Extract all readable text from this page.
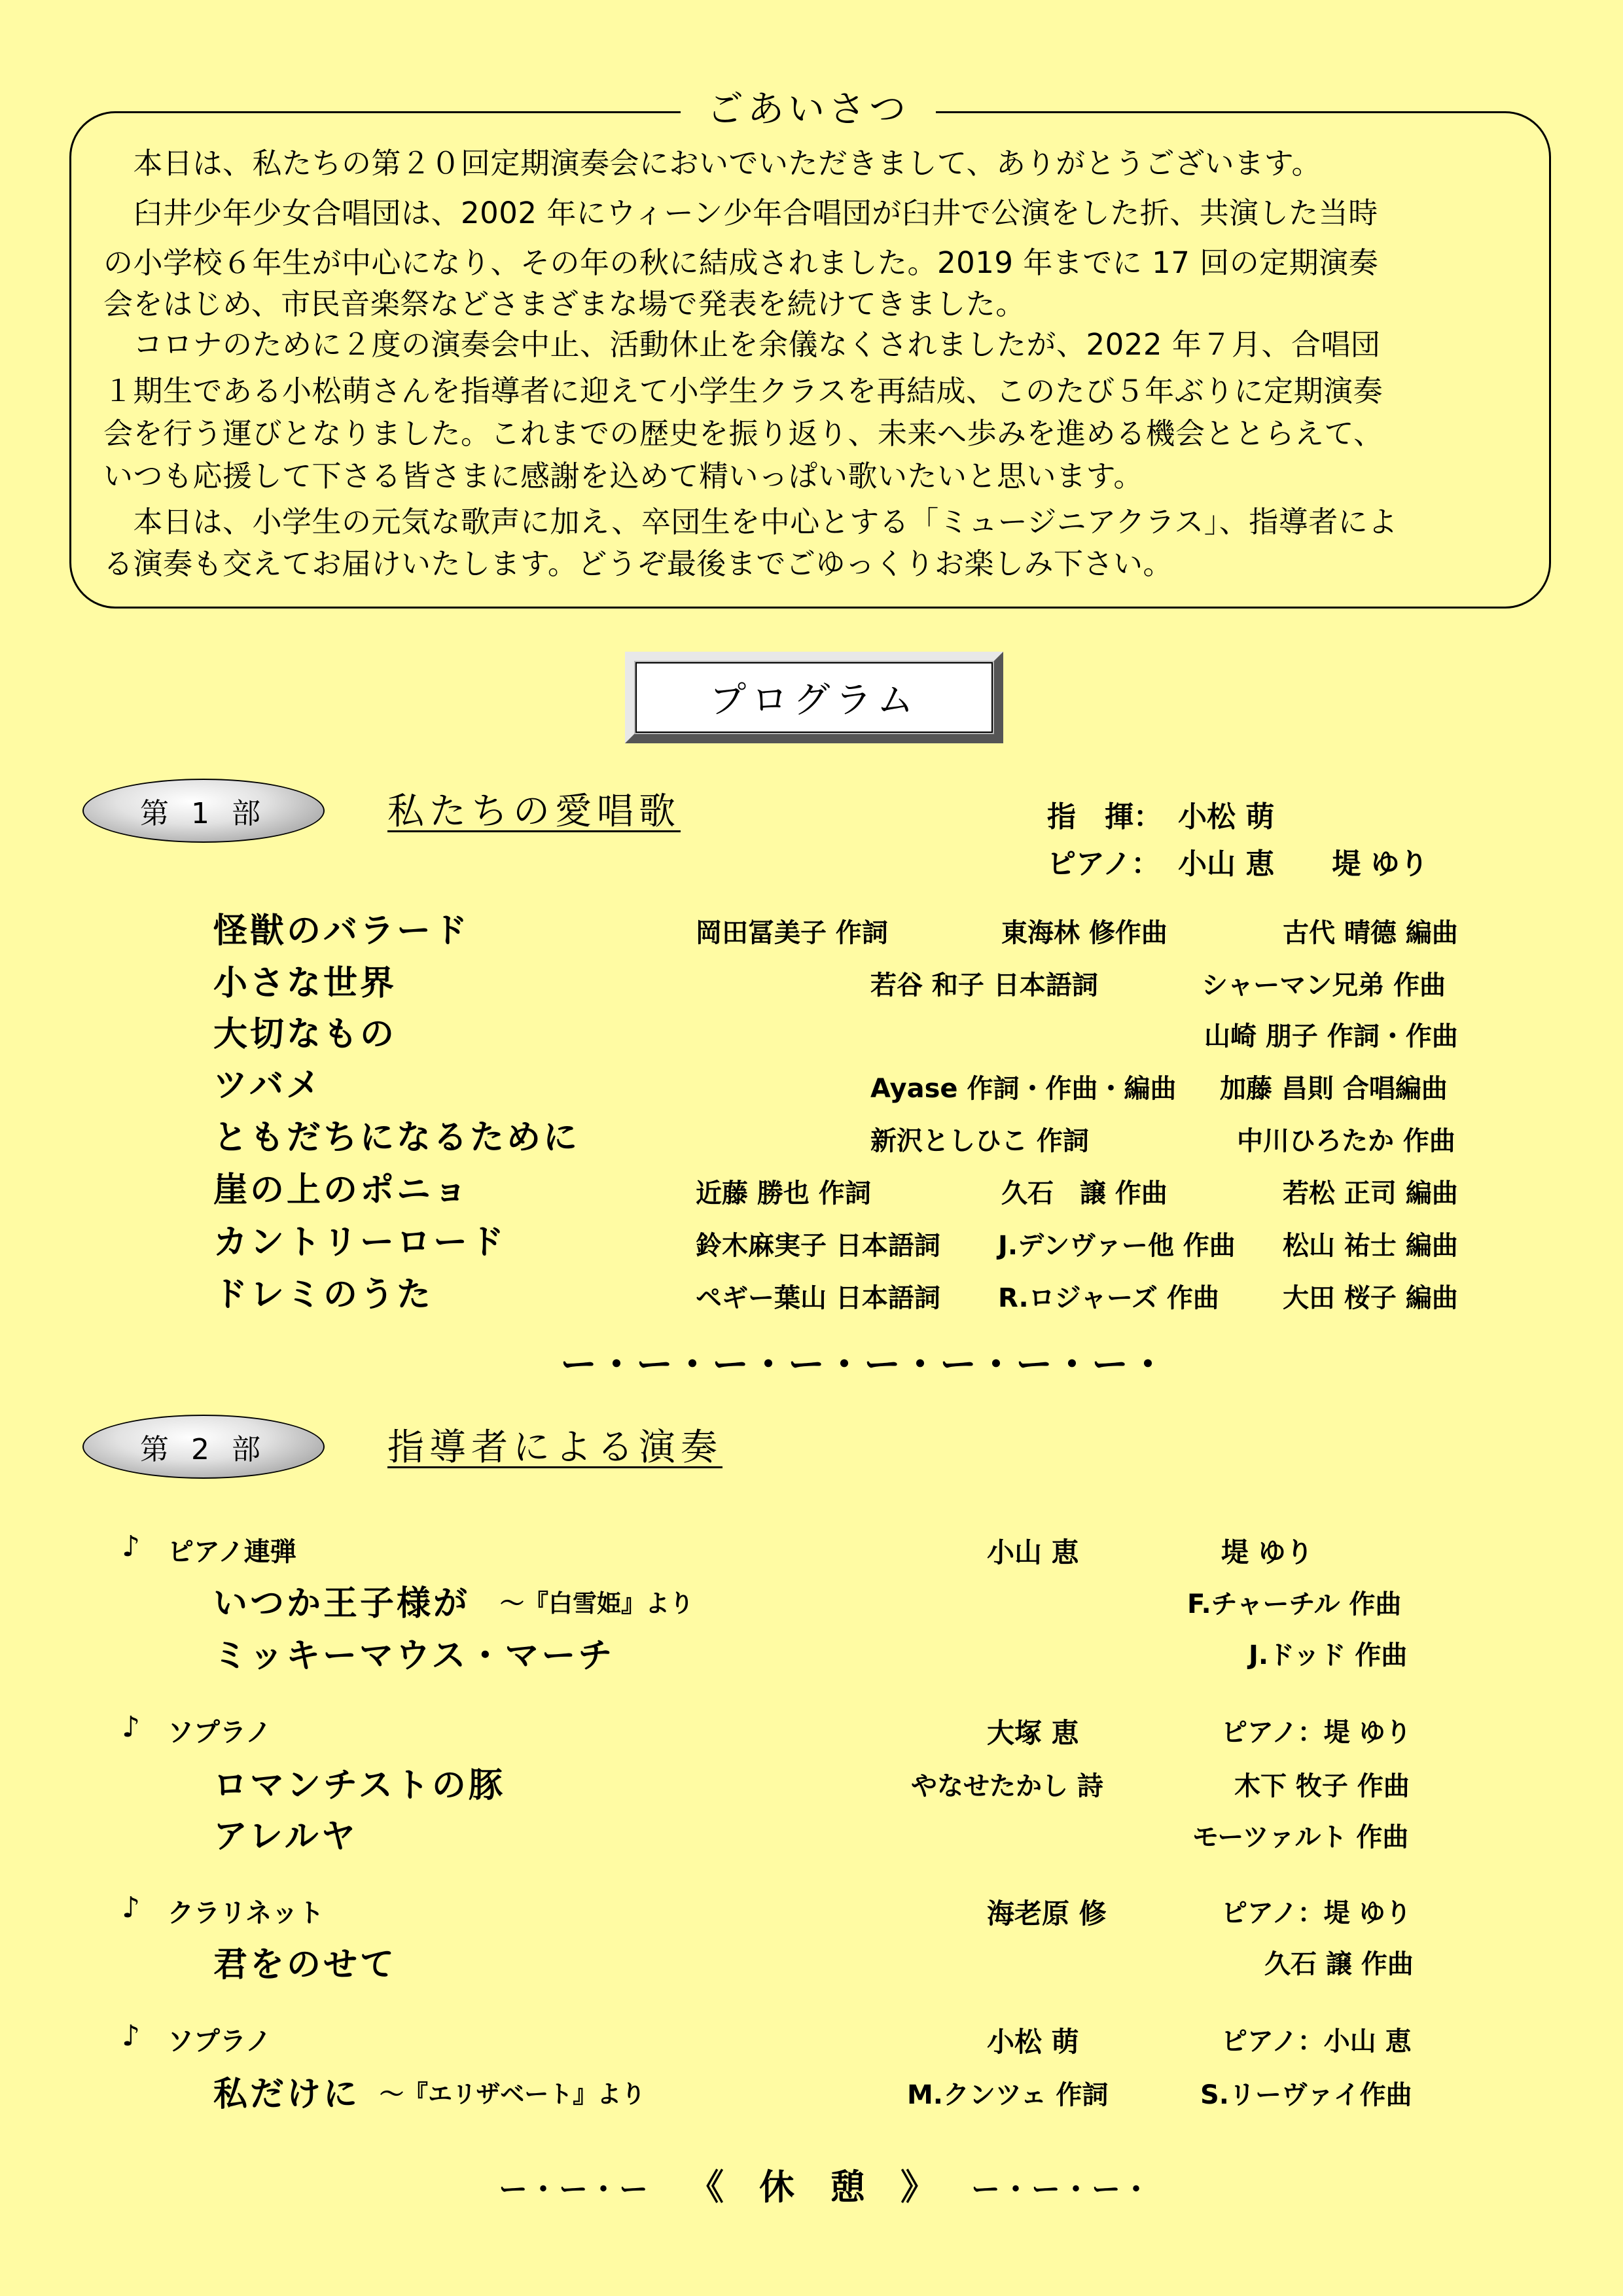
ごあいさつ
　本日は、私たちの第２０回定期演奏会においでいただきまして、ありがとうございます。
　臼井少年少女合唱団は、2002 年にウィーン少年合唱団が臼井で公演をした折、共演した当時
の小学校６年生が中心になり、その年の秋に結成されました。2019 年までに 17 回の定期演奏
会をはじめ、市民音楽祭などさまざまな場で発表を続けてきました。
　コロナのために２度の演奏会中止、活動休止を余儀なくされましたが、2022 年７月、合唱団
１期生である小松萌さんを指導者に迎えて小学生クラスを再結成、このたび５年ぶりに定期演奏
会を行う運びとなりました。これまでの歴史を振り返り、未来へ歩みを進める機会ととらえて、
いつも応援して下さる皆さまに感謝を込めて精いっぱい歌いたいと思います。
　本日は、小学生の元気な歌声に加え、卒団生を中心とする「ミュージニアクラス」、指導者によ
る演奏も交えてお届けいたします。どうぞ最後までごゆっくりお楽しみ下さい。
プログラム
第 1 部	私たちの愛唱歌	指　揮： 小松 萌
ピアノ： 小山 恵　　堤 ゆり
怪獣のバラード	岡田冨美子 作詞	東海林 修作曲	古代 晴德 編曲
小さな世界	若谷 和子 日本語詞	シャーマン兄弟 作曲
大切なもの	山崎 朋子 作詞・作曲
ツバメ	Ayase 作詞・作曲・編曲 加藤 昌則 合唱編曲
ともだちになるために	新沢としひこ 作詞	中川ひろたか 作曲
崖の上のポニョ	近藤 勝也 作詞	久石　譲 作曲	若松 正司 編曲
カントリーロード	鈴木麻実子 日本語詞 J.デンヴァー他 作曲 松山 祐士 編曲
ドレミのうた	ペギー葉山 日本語詞 R.ロジャーズ 作曲 大田 桜子 編曲
ー・ー・ー・ー・ー・ー・ー・ー・
第 2 部	指導者による演奏
♪ ピアノ連弾	小山 恵	堤 ゆり
いつか王子様が ～『白雪姫』より	F.チャーチル 作曲
ミッキーマウス・マーチ	J.ドッド 作曲
♪ ソプラノ	大塚 恵	ピアノ：堤 ゆり
ロマンチストの豚	やなせたかし 詩	木下 牧子 作曲
アレルヤ	モーツァルト 作曲
♪ クラリネット	海老原 修	ピアノ：堤 ゆり
君をのせて	久石 譲 作曲
♪ ソプラノ	小松 萌	ピアノ：小山 恵
私だけに ～『エリザベート』より	M.クンツェ 作詞	S.リーヴァイ作曲
ー・ー・ー 《　休　憩　》 ー・ー・ー・
